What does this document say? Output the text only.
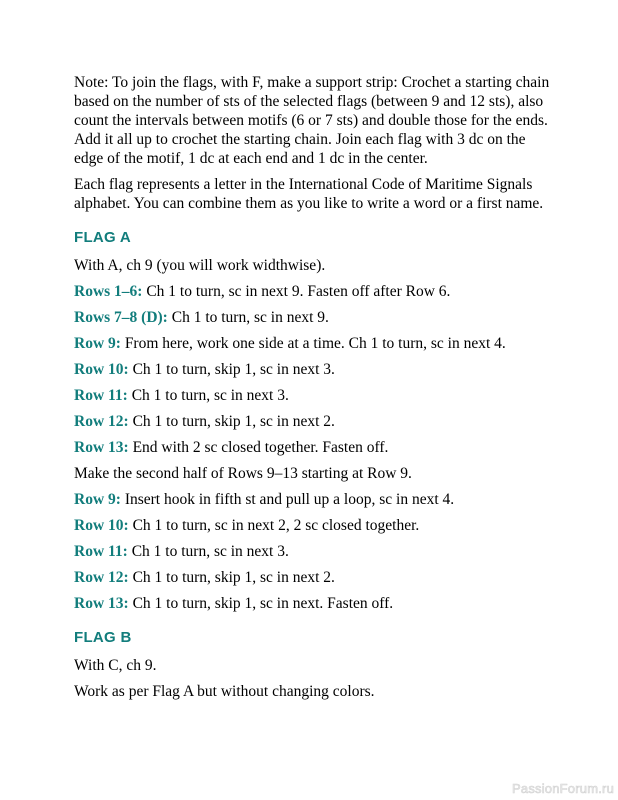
Note: To join the flags, with F, make a support strip: Crochet a starting chain based on the number of sts of the selected flags (between 9 and 12 sts), also count the intervals between motifs (6 or 7 sts) and double those for the ends. Add it all up to crochet the starting chain. Join each flag with 3 dc on the edge of the motif, 1 dc at each end and 1 dc in the center.

Each flag represents a letter in the International Code of Maritime Signals alphabet. You can combine them as you like to write a word or a first name.

FLAG A

With A, ch 9 (you will work widthwise).

Rows 1–6: Ch 1 to turn, sc in next 9. Fasten off after Row 6.

Rows 7–8 (D): Ch 1 to turn, sc in next 9.

Row 9: From here, work one side at a time. Ch 1 to turn, sc in next 4.

Row 10: Ch 1 to turn, skip 1, sc in next 3.

Row 11: Ch 1 to turn, sc in next 3.

Row 12: Ch 1 to turn, skip 1, sc in next 2.

Row 13: End with 2 sc closed together. Fasten off.

Make the second half of Rows 9–13 starting at Row 9.

Row 9: Insert hook in fifth st and pull up a loop, sc in next 4.

Row 10: Ch 1 to turn, sc in next 2, 2 sc closed together.

Row 11: Ch 1 to turn, sc in next 3.

Row 12: Ch 1 to turn, skip 1, sc in next 2.

Row 13: Ch 1 to turn, skip 1, sc in next. Fasten off.

FLAG B

With C, ch 9.

Work as per Flag A but without changing colors.

PassionForum.ru
